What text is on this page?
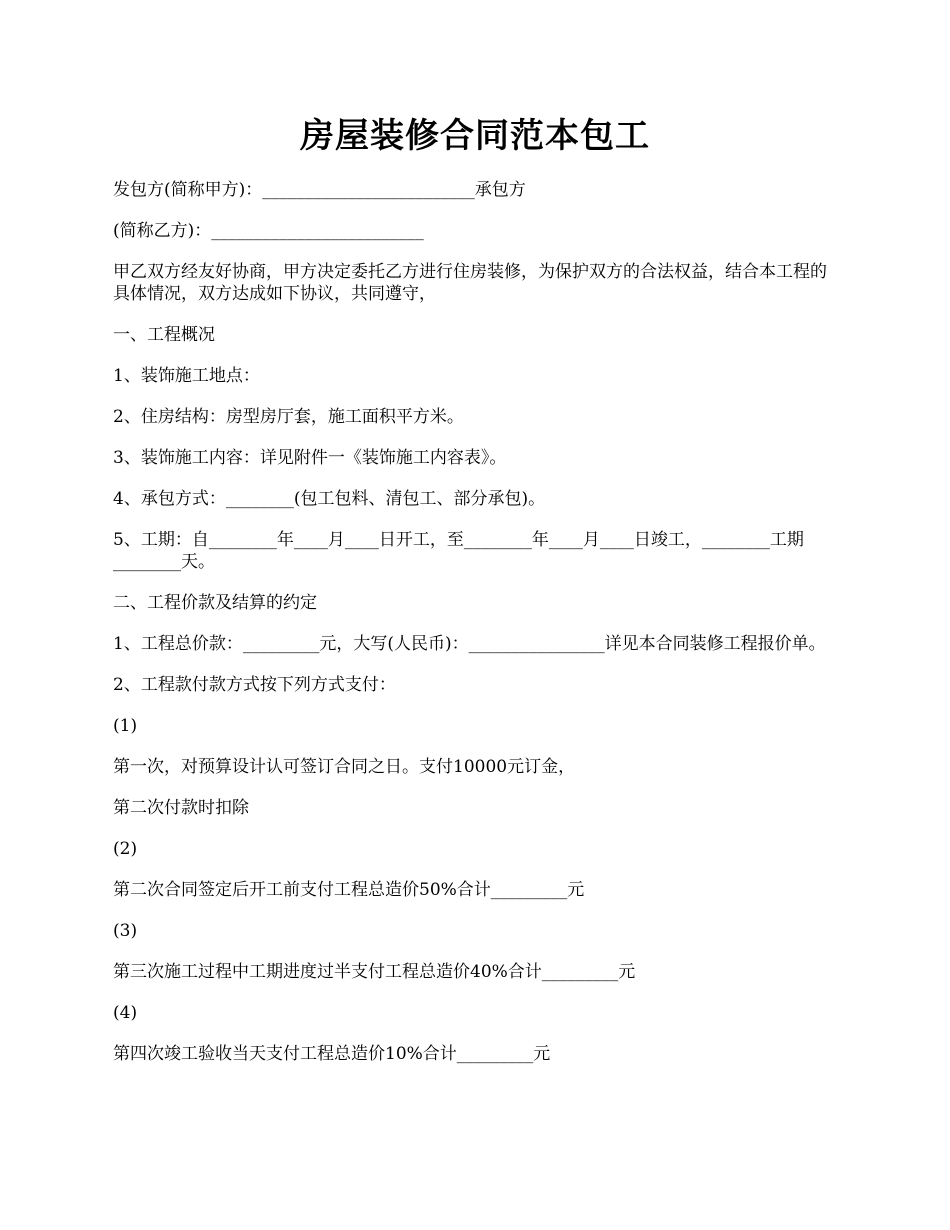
房屋装修合同范本包工

发包方(简称甲方)：_________________________承包方

(简称乙方)：_________________________

甲乙双方经友好协商，甲方决定委托乙方进行住房装修，为保护双方的合法权益，结合本工程的具体情况，双方达成如下协议，共同遵守，

一、工程概况

1、装饰施工地点：

2、住房结构：房型房厅套，施工面积平方米。

3、装饰施工内容：详见附件一《装饰施工内容表》。

4、承包方式：________(包工包料、清包工、部分承包)。

5、工期：自________年____月____日开工，至________年____月____日竣工，________工期________天。

二、工程价款及结算的约定

1、工程总价款：_________元，大写(人民币)：________________详见本合同装修工程报价单。

2、工程款付款方式按下列方式支付：

(1)

第一次，对预算设计认可签订合同之日。支付10000元订金，

第二次付款时扣除

(2)

第二次合同签定后开工前支付工程总造价50%合计_________元

(3)

第三次施工过程中工期进度过半支付工程总造价40%合计_________元

(4)

第四次竣工验收当天支付工程总造价10%合计_________元
